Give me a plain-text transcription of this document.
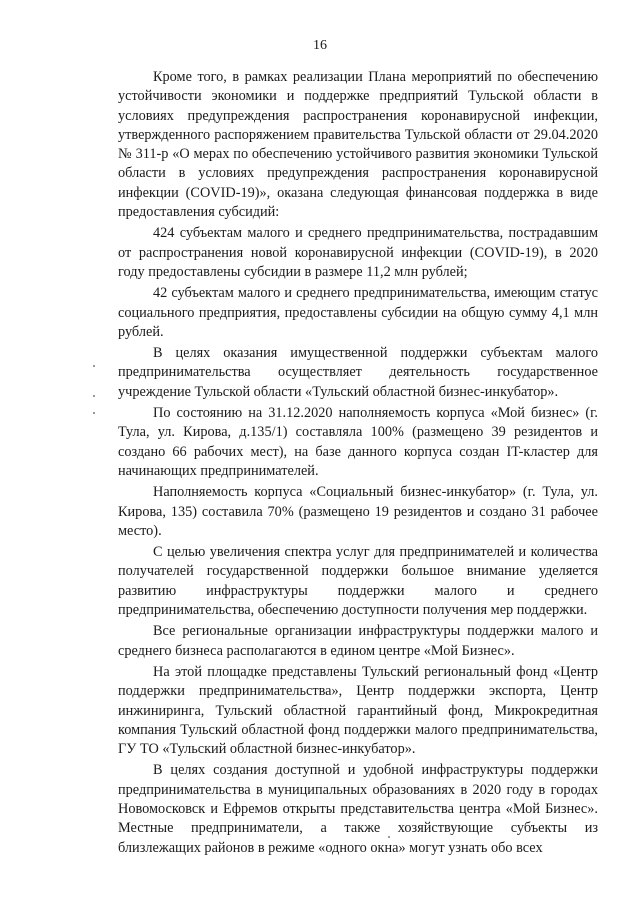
16

Кроме того, в рамках реализации Плана мероприятий по обеспечению устойчивости экономики и поддержке предприятий Тульской области в условиях предупреждения распространения коронавирусной инфекции, утвержденного распоряжением правительства Тульской области от 29.04.2020 № 311-р «О мерах по обеспечению устойчивого развития экономики Тульской области в условиях предупреждения распространения коронавирусной инфекции (COVID-19)», оказана следующая финансовая поддержка в виде предоставления субсидий:

424 субъектам малого и среднего предпринимательства, пострадавшим от распространения новой коронавирусной инфекции (COVID-19), в 2020 году предоставлены субсидии в размере 11,2 млн рублей;

42 субъектам малого и среднего предпринимательства, имеющим статус социального предприятия, предоставлены субсидии на общую сумму 4,1 млн рублей.

В целях оказания имущественной поддержки субъектам малого предпринимательства осуществляет деятельность государственное учреждение Тульской области «Тульский областной бизнес-инкубатор».

По состоянию на 31.12.2020 наполняемость корпуса «Мой бизнес» (г. Тула, ул. Кирова, д.135/1) составляла 100% (размещено 39 резидентов и создано 66 рабочих мест), на базе данного корпуса создан IT-кластер для начинающих предпринимателей.

Наполняемость корпуса «Социальный бизнес-инкубатор» (г. Тула, ул. Кирова, 135) составила 70% (размещено 19 резидентов и создано 31 рабочее место).

С целью увеличения спектра услуг для предпринимателей и количества получателей государственной поддержки большое внимание уделяется развитию инфраструктуры поддержки малого и среднего предпринимательства, обеспечению доступности получения мер поддержки.

Все региональные организации инфраструктуры поддержки малого и среднего бизнеса располагаются в едином центре «Мой Бизнес».

На этой площадке представлены Тульский региональный фонд «Центр поддержки предпринимательства», Центр поддержки экспорта, Центр инжиниринга, Тульский областной гарантийный фонд, Микрокредитная компания Тульский областной фонд поддержки малого предпринимательства, ГУ ТО «Тульский областной бизнес-инкубатор».

В целях создания доступной и удобной инфраструктуры поддержки предпринимательства в муниципальных образованиях в 2020 году в городах Новомосковск и Ефремов открыты представительства центра «Мой Бизнес». Местные предприниматели, а также хозяйствующие субъекты из близлежащих районов в режиме «одного окна» могут узнать обо всех
